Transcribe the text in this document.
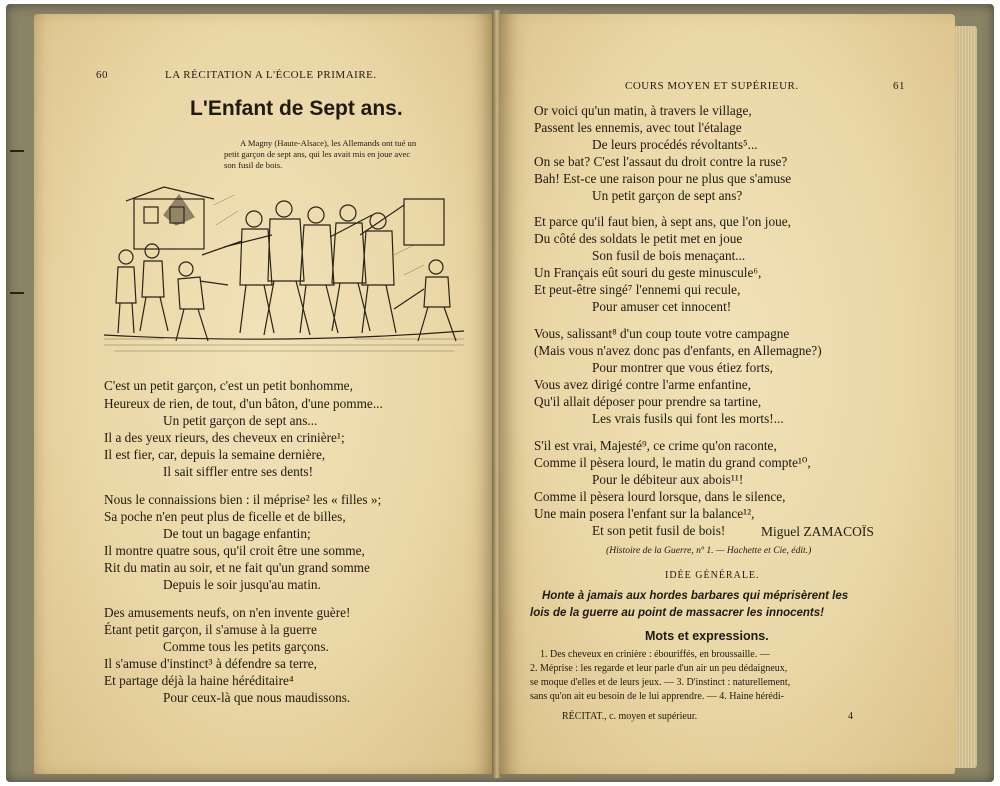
60	LA RÉCITATION A L'ÉCOLE PRIMAIRE.
L'Enfant de Sept ans.
A Magny (Haute-Alsace), les Allemands ont tué un
petit garçon de sept ans, qui les avait mis en joue avec
son fusil de bois.
C'est un petit garçon, c'est un petit bonhomme,
Heureux de rien, de tout, d'un bâton, d'une pomme...
Un petit garçon de sept ans...
Il a des yeux rieurs, des cheveux en crinière¹;
Il est fier, car, depuis la semaine dernière,
Il sait siffler entre ses dents!
Nous le connaissions bien : il méprise² les « filles »;
Sa poche n'en peut plus de ficelle et de billes,
De tout un bagage enfantin;
Il montre quatre sous, qu'il croit être une somme,
Rit du matin au soir, et ne fait qu'un grand somme
Depuis le soir jusqu'au matin.
Des amusements neufs, on n'en invente guère!
Étant petit garçon, il s'amuse à la guerre
Comme tous les petits garçons.
Il s'amuse d'instinct³ à défendre sa terre,
Et partage déjà la haine héréditaire⁴
Pour ceux-là que nous maudissons.
COURS MOYEN ET SUPÉRIEUR.	61
Or voici qu'un matin, à travers le village,
Passent les ennemis, avec tout l'étalage
De leurs procédés révoltants⁵...
On se bat? C'est l'assaut du droit contre la ruse?
Bah! Est-ce une raison pour ne plus que s'amuse
Un petit garçon de sept ans?
Et parce qu'il faut bien, à sept ans, que l'on joue,
Du côté des soldats le petit met en joue
Son fusil de bois menaçant...
Un Français eût souri du geste minuscule⁶,
Et peut-être singé⁷ l'ennemi qui recule,
Pour amuser cet innocent!
Vous, salissant⁸ d'un coup toute votre campagne
(Mais vous n'avez donc pas d'enfants, en Allemagne?)
Pour montrer que vous étiez forts,
Vous avez dirigé contre l'arme enfantine,
Qu'il allait déposer pour prendre sa tartine,
Les vrais fusils qui font les morts!...
S'il est vrai, Majesté⁹, ce crime qu'on raconte,
Comme il pèsera lourd, le matin du grand compte¹⁰,
Pour le débiteur aux abois¹¹!
Comme il pèsera lourd lorsque, dans le silence,
Une main posera l'enfant sur la balance¹²,
Et son petit fusil de bois!	Miguel ZAMACOÏS
(Histoire de la Guerre, nº 1. — Hachette et Cie, édit.)
IDÉE GÉNÉRALE.
Honte à jamais aux hordes barbares qui méprisèrent les
lois de la guerre au point de massacrer les innocents!
Mots et expressions.
1. Des cheveux en crinière : ébouriffés, en broussaille. —
2. Méprise : les regarde et leur parle d'un air un peu dédaigneux,
se moque d'elles et de leurs jeux. — 3. D'instinct : naturellement,
sans qu'on ait eu besoin de le lui apprendre. — 4. Haine hérédi-
RÉCITAT., c. moyen et supérieur.	4
